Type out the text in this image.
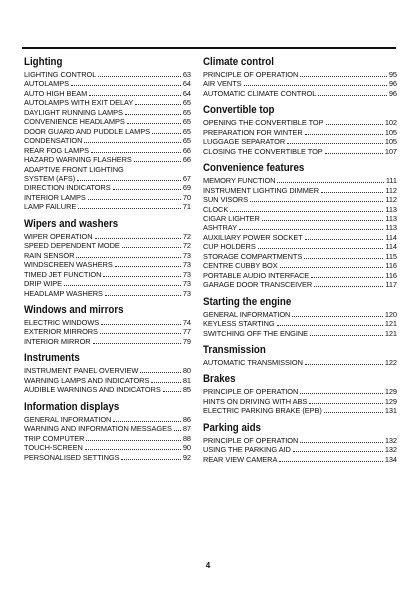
Lighting
LIGHTING CONTROL	63
AUTOLAMPS	64
AUTO HIGH BEAM	64
AUTOLAMPS WITH EXIT DELAY	65
DAYLIGHT RUNNING LAMPS	65
CONVENIENCE HEADLAMPS	65
DOOR GUARD AND PUDDLE LAMPS	65
CONDENSATION	65
REAR FOG LAMPS	66
HAZARD WARNING FLASHERS	66
ADAPTIVE FRONT LIGHTING
SYSTEM (AFS)	67
DIRECTION INDICATORS	69
INTERIOR LAMPS	70
LAMP FAILURE	71
Wipers and washers
WIPER OPERATION	72
SPEED DEPENDENT MODE	72
RAIN SENSOR	73
WINDSCREEN WASHERS	73
TIMED JET FUNCTION	73
DRIP WIPE	73
HEADLAMP WASHERS	73
Windows and mirrors
ELECTRIC WINDOWS	74
EXTERIOR MIRRORS	77
INTERIOR MIRROR	79
Instruments
INSTRUMENT PANEL OVERVIEW	80
WARNING LAMPS AND INDICATORS	81
AUDIBLE WARNINGS AND INDICATORS	85
Information displays
GENERAL INFORMATION	86
WARNING AND INFORMATION MESSAGES 87
TRIP COMPUTER	88
TOUCH-SCREEN	90
PERSONALISED SETTINGS	92
Climate control
PRINCIPLE OF OPERATION	95
AIR VENTS	96
AUTOMATIC CLIMATE CONTROL	96
Convertible top
OPENING THE CONVERTIBLE TOP	102
PREPARATION FOR WINTER	105
LUGGAGE SEPARATOR	105
CLOSING THE CONVERTIBLE TOP	107
Convenience features
MEMORY FUNCTION	111
INSTRUMENT LIGHTING DIMMER	112
SUN VISORS	112
CLOCK	113
CIGAR LIGHTER	113
ASHTRAY	113
AUXILIARY POWER SOCKET	114
CUP HOLDERS	114
STORAGE COMPARTMENTS	115
CENTRE CUBBY BOX	116
PORTABLE AUDIO INTERFACE	116
GARAGE DOOR TRANSCEIVER	117
Starting the engine
GENERAL INFORMATION	120
KEYLESS STARTING	121
SWITCHING OFF THE ENGINE	121
Transmission
AUTOMATIC TRANSMISSION	122
Brakes
PRINCIPLE OF OPERATION	129
HINTS ON DRIVING WITH ABS	129
ELECTRIC PARKING BRAKE (EPB)	131
Parking aids
PRINCIPLE OF OPERATION	132
USING THE PARKING AID	132
REAR VIEW CAMERA	134
4
